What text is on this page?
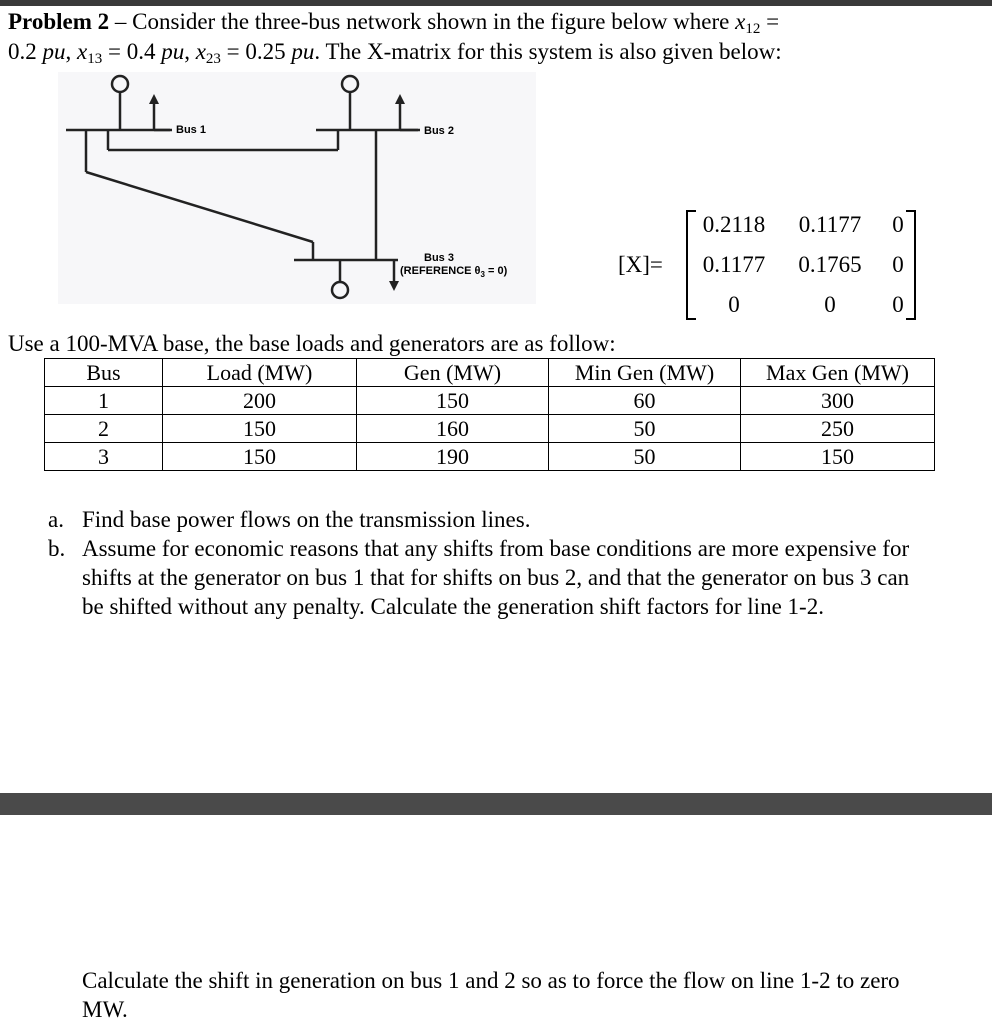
Problem 2 – Consider the three-bus network shown in the figure below where $x_{12}$ =
0.2 pu, $x_{13} = 0.4$ pu, $x_{23} = 0.25$ pu. The X-matrix for this system is also given below:
Bus 1	Bus 2
Bus 3
(REFERENCE $\theta_3 = 0$)	[X]=
0.2118	0.1177	0
0.1177	0.1765	0
0	0	0
Use a 100-MVA base, the base loads and generators are as follow:
Bus	Load (MW)	Gen (MW)	Min Gen (MW)	Max Gen (MW)
1	200	150	60	300
2	150	160	50	250
3	150	190	50	150
a. Find base power flows on the transmission lines.
b. Assume for economic reasons that any shifts from base conditions are more expensive for
shifts at the generator on bus 1 that for shifts on bus 2, and that the generator on bus 3 can
be shifted without any penalty. Calculate the generation shift factors for line 1-2.
Calculate the shift in generation on bus 1 and 2 so as to force the flow on line 1-2 to zero
MW.
